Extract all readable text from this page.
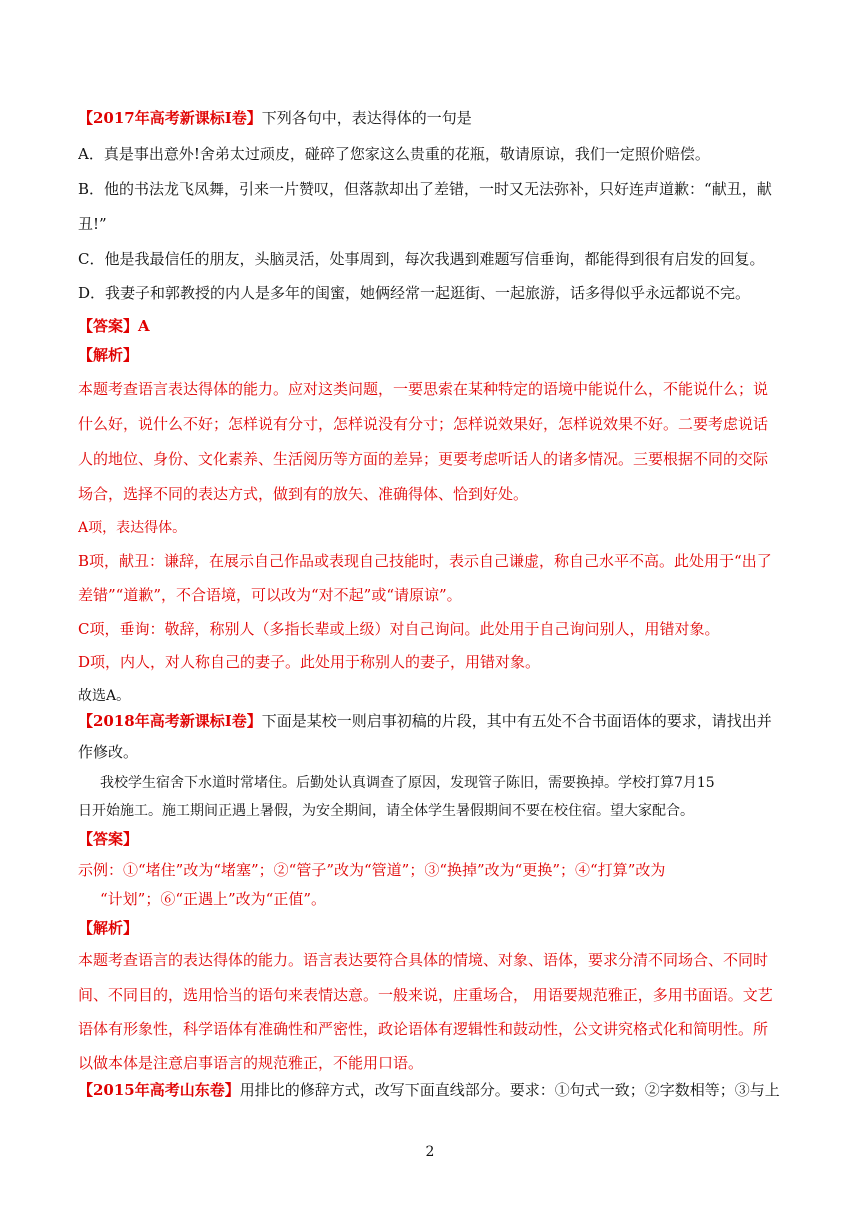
【2017年高考新课标Ⅰ卷】下列各句中，表达得体的一句是
A．真是事出意外!舍弟太过顽皮，碰碎了您家这么贵重的花瓶，敬请原谅，我们一定照价赔偿。
B．他的书法龙飞凤舞，引来一片赞叹，但落款却出了差错，一时又无法弥补，只好连声道歉：“献丑，献
丑!”
C．他是我最信任的朋友，头脑灵活，处事周到，每次我遇到难题写信垂询，都能得到很有启发的回复。
D．我妻子和郭教授的内人是多年的闺蜜，她俩经常一起逛街、一起旅游，话多得似乎永远都说不完。
【答案】A
【解析】
本题考查语言表达得体的能力。应对这类问题，一要思索在某种特定的语境中能说什么，不能说什么；说
什么好，说什么不好；怎样说有分寸，怎样说没有分寸；怎样说效果好，怎样说效果不好。二要考虑说话
人的地位、身份、文化素养、生活阅历等方面的差异；更要考虑听话人的诸多情况。三要根据不同的交际
场合，选择不同的表达方式，做到有的放矢、准确得体、恰到好处。
A项，表达得体。
B项，献丑：谦辞，在展示自己作品或表现自己技能时，表示自己谦虚，称自己水平不高。此处用于“出了
差错”“道歉”，不合语境，可以改为“对不起”或“请原谅”。
C项，垂询：敬辞，称别人（多指长辈或上级）对自己询问。此处用于自己询问别人，用错对象。
D项，内人，对人称自己的妻子。此处用于称别人的妻子，用错对象。
故选A。
【2018年高考新课标Ⅰ卷】下面是某校一则启事初稿的片段，其中有五处不合书面语体的要求，请找出并
作修改。
我校学生宿舍下水道时常堵住。后勤处认真调查了原因，发现管子陈旧，需要换掉。学校打算7月15
日开始施工。施工期间正遇上暑假，为安全期间，请全体学生暑假期间不要在校住宿。望大家配合。
【答案】
示例：①“堵住”改为“堵塞”；②“管子”改为“管道”；③“换掉”改为“更换”；④“打算”改为
“计划”；⑥“正遇上”改为“正值”。
【解析】
本题考查语言的表达得体的能力。语言表达要符合具体的情境、对象、语体，要求分清不同场合、不同时
间、不同目的，选用恰当的语句来表情达意。一般来说，庄重场合， 用语要规范雅正，多用书面语。文艺
语体有形象性，科学语体有准确性和严密性，政论语体有逻辑性和鼓动性，公文讲究格式化和简明性。所
以做本体是注意启事语言的规范雅正，不能用口语。
【2015年高考山东卷】用排比的修辞方式，改写下面直线部分。要求：①句式一致；②字数相等；③与上
2
